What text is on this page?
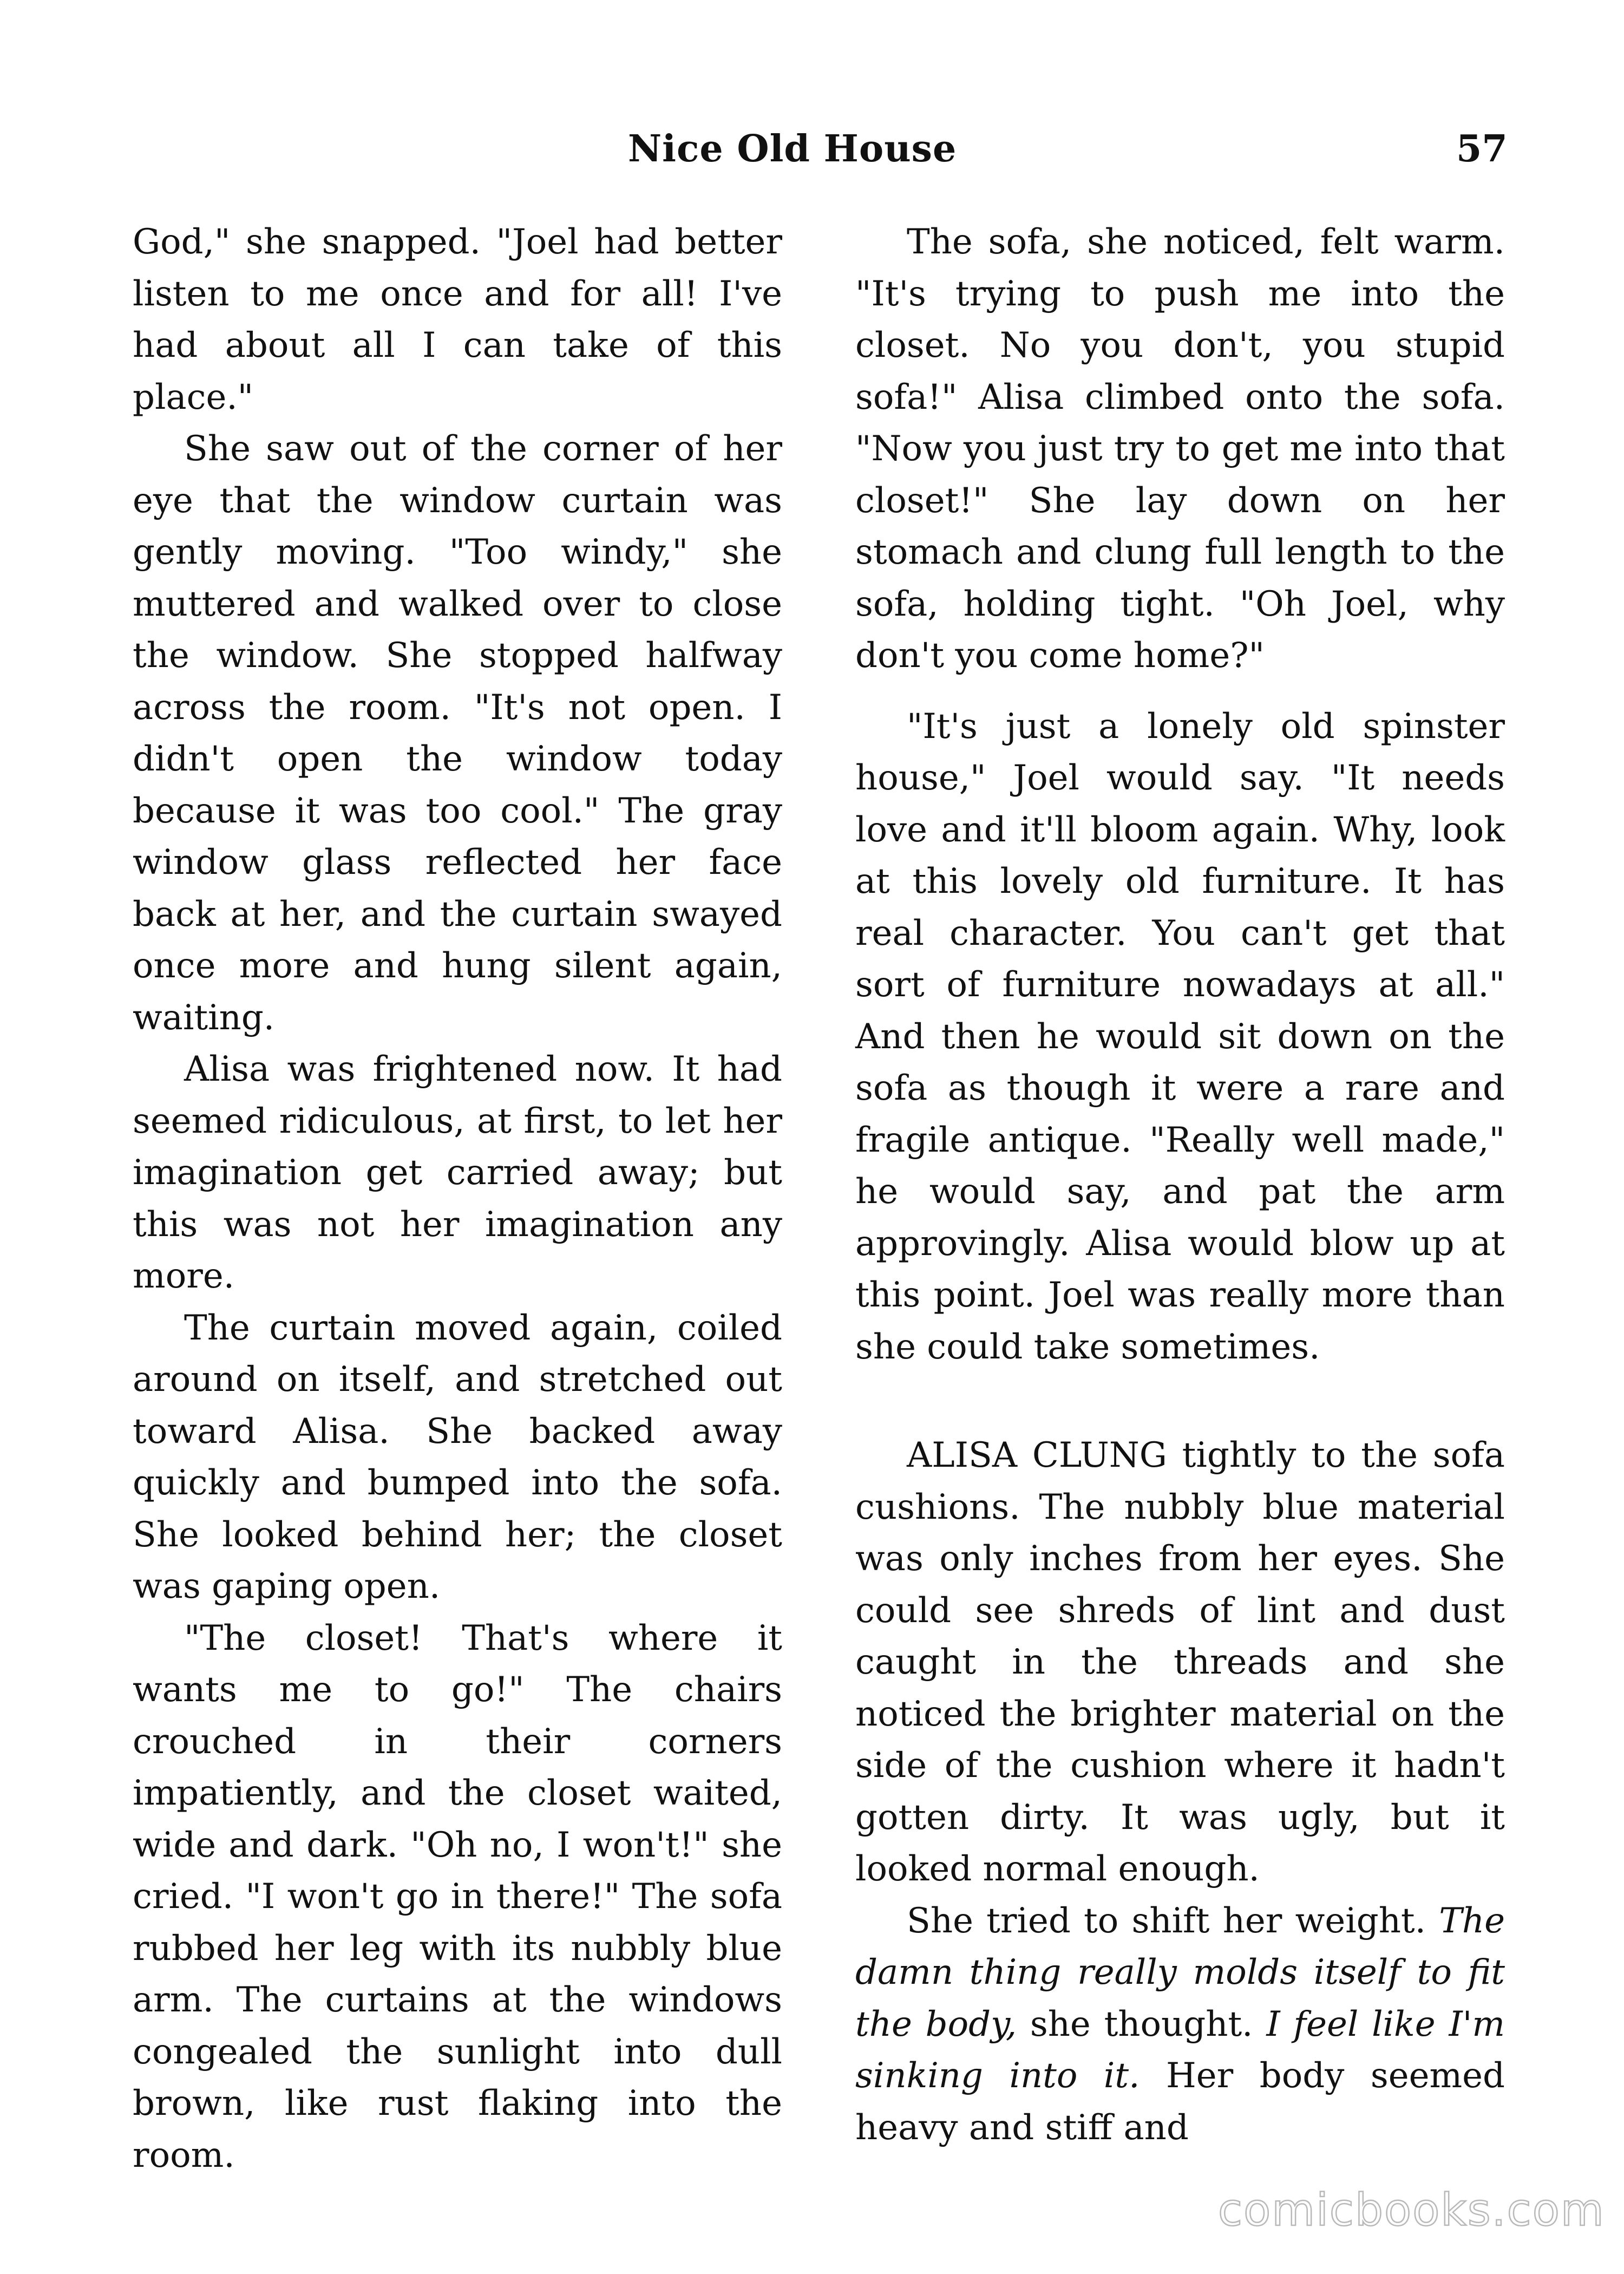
Nice Old House	57

God," she snapped. "Joel had better listen to me once and for all! I've had about all I can take of this place."

She saw out of the corner of her eye that the window curtain was gently moving. "Too windy," she muttered and walked over to close the window. She stopped halfway across the room. "It's not open. I didn't open the window today because it was too cool." The gray window glass reflected her face back at her, and the curtain swayed once more and hung silent again, waiting.

Alisa was frightened now. It had seemed ridiculous, at first, to let her imagination get carried away; but this was not her imagination any more.

The curtain moved again, coiled around on itself, and stretched out toward Alisa. She backed away quickly and bumped into the sofa. She looked behind her; the closet was gaping open.

"The closet! That's where it wants me to go!" The chairs crouched in their corners impatiently, and the closet waited, wide and dark. "Oh no, I won't!" she cried. "I won't go in there!" The sofa rubbed her leg with its nubbly blue arm. The curtains at the windows congealed the sunlight into dull brown, like rust flaking into the room.

The sofa, she noticed, felt warm. "It's trying to push me into the closet. No you don't, you stupid sofa!" Alisa climbed onto the sofa. "Now you just try to get me into that closet!" She lay down on her stomach and clung full length to the sofa, holding tight. "Oh Joel, why don't you come home?"

"It's just a lonely old spinster house," Joel would say. "It needs love and it'll bloom again. Why, look at this lovely old furniture. It has real character. You can't get that sort of furniture nowadays at all." And then he would sit down on the sofa as though it were a rare and fragile antique. "Really well made," he would say, and pat the arm approvingly. Alisa would blow up at this point. Joel was really more than she could take sometimes.

ALISA CLUNG tightly to the sofa cushions. The nubbly blue material was only inches from her eyes. She could see shreds of lint and dust caught in the threads and she noticed the brighter material on the side of the cushion where it hadn't gotten dirty. It was ugly, but it looked normal enough.

She tried to shift her weight. The damn thing really molds itself to fit the body, she thought. I feel like I'm sinking into it. Her body seemed heavy and stiff and

comicbooks.com
